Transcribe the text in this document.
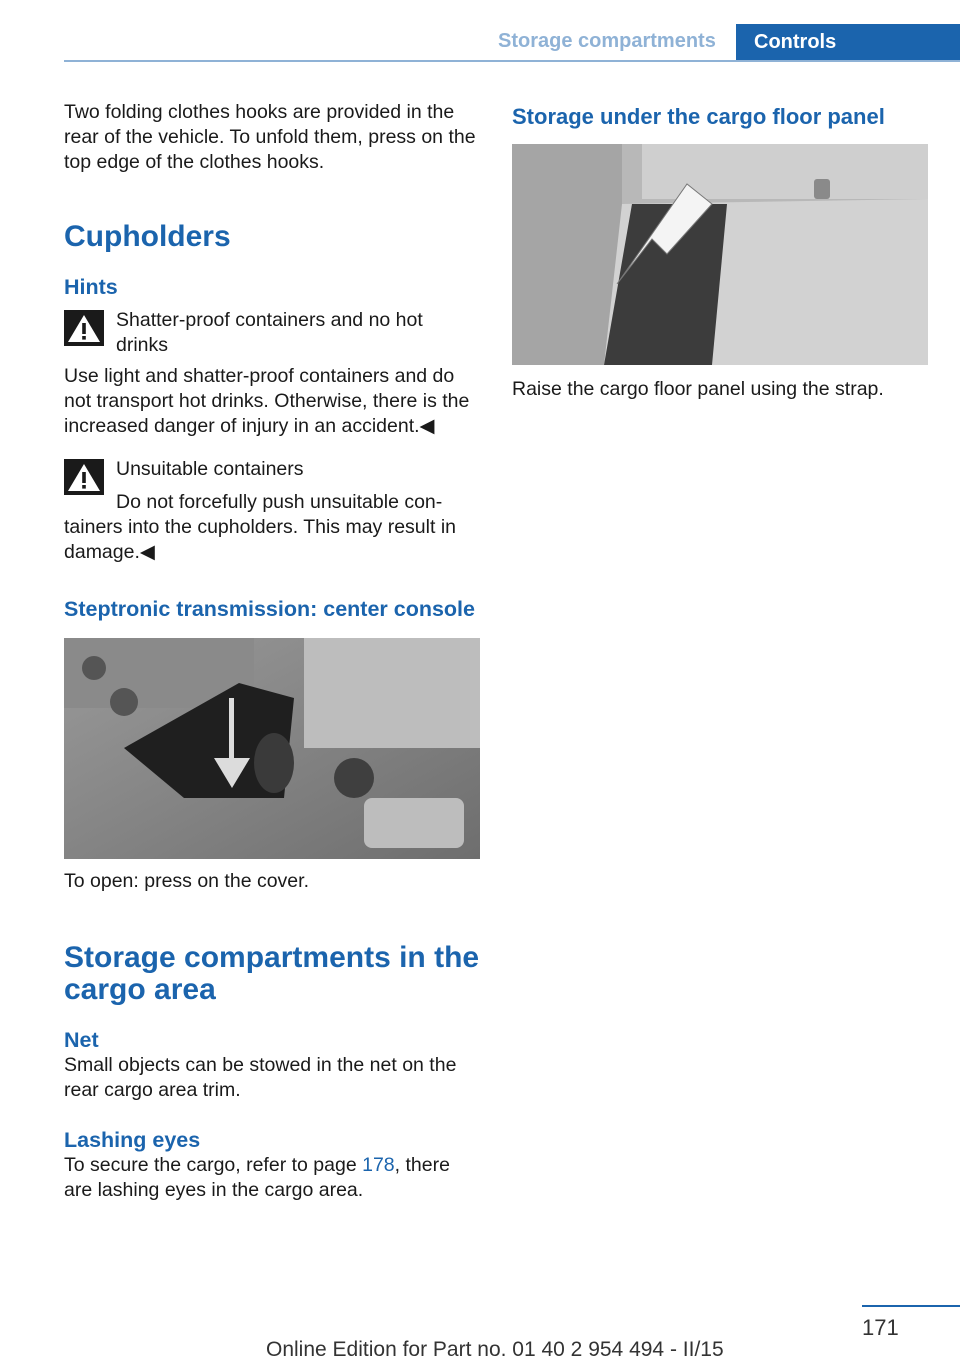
Storage compartments	Controls

Two folding clothes hooks are provided in the rear of the vehicle. To unfold them, press on the top edge of the clothes hooks.

Cupholders
Hints

Shatter-proof containers and no hot drinks

Use light and shatter-proof containers and do not transport hot drinks. Otherwise, there is the increased danger of injury in an accident.◀

Unsuitable containers

Do not forcefully push unsuitable con-

tainers into the cupholders. This may result in damage.◀

Steptronic transmission: center console

To open: press on the cover.

Storage compartments in the cargo area
Net

Small objects can be stowed in the net on the rear cargo area trim.

Lashing eyes

To secure the cargo, refer to page 178, there are lashing eyes in the cargo area.

Storage under the cargo floor panel

Raise the cargo floor panel using the strap.

171
Online Edition for Part no. 01 40 2 954 494 - II/15
